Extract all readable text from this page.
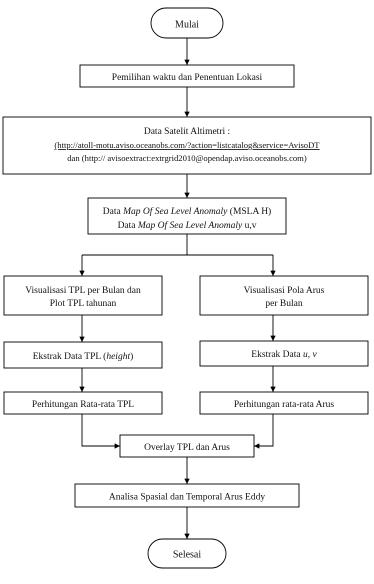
Mulai
Pemilihan waktu dan Penentuan Lokasi
Data Satelit Altimetri :
(http://atoll-motu.aviso.oceanobs.com/?action=listcatalog&service=AvisoDT
dan (http:// avisoextract:extrgrid2010@opendap.aviso.oceanobs.com)
Data Map Of Sea Level Anomaly (MSLA H)
Data Map Of Sea Level Anomaly u,v
Visualisasi TPL per Bulan dan
Plot TPL tahunan
Ekstrak Data TPL (height)
Perhitungan Rata-rata TPL
Visualisasi Pola Arus
per Bulan
Ekstrak Data u, v
Perhitungan rata-rata Arus
Overlay TPL dan Arus
Analisa Spasial dan Temporal Arus Eddy
Selesai
